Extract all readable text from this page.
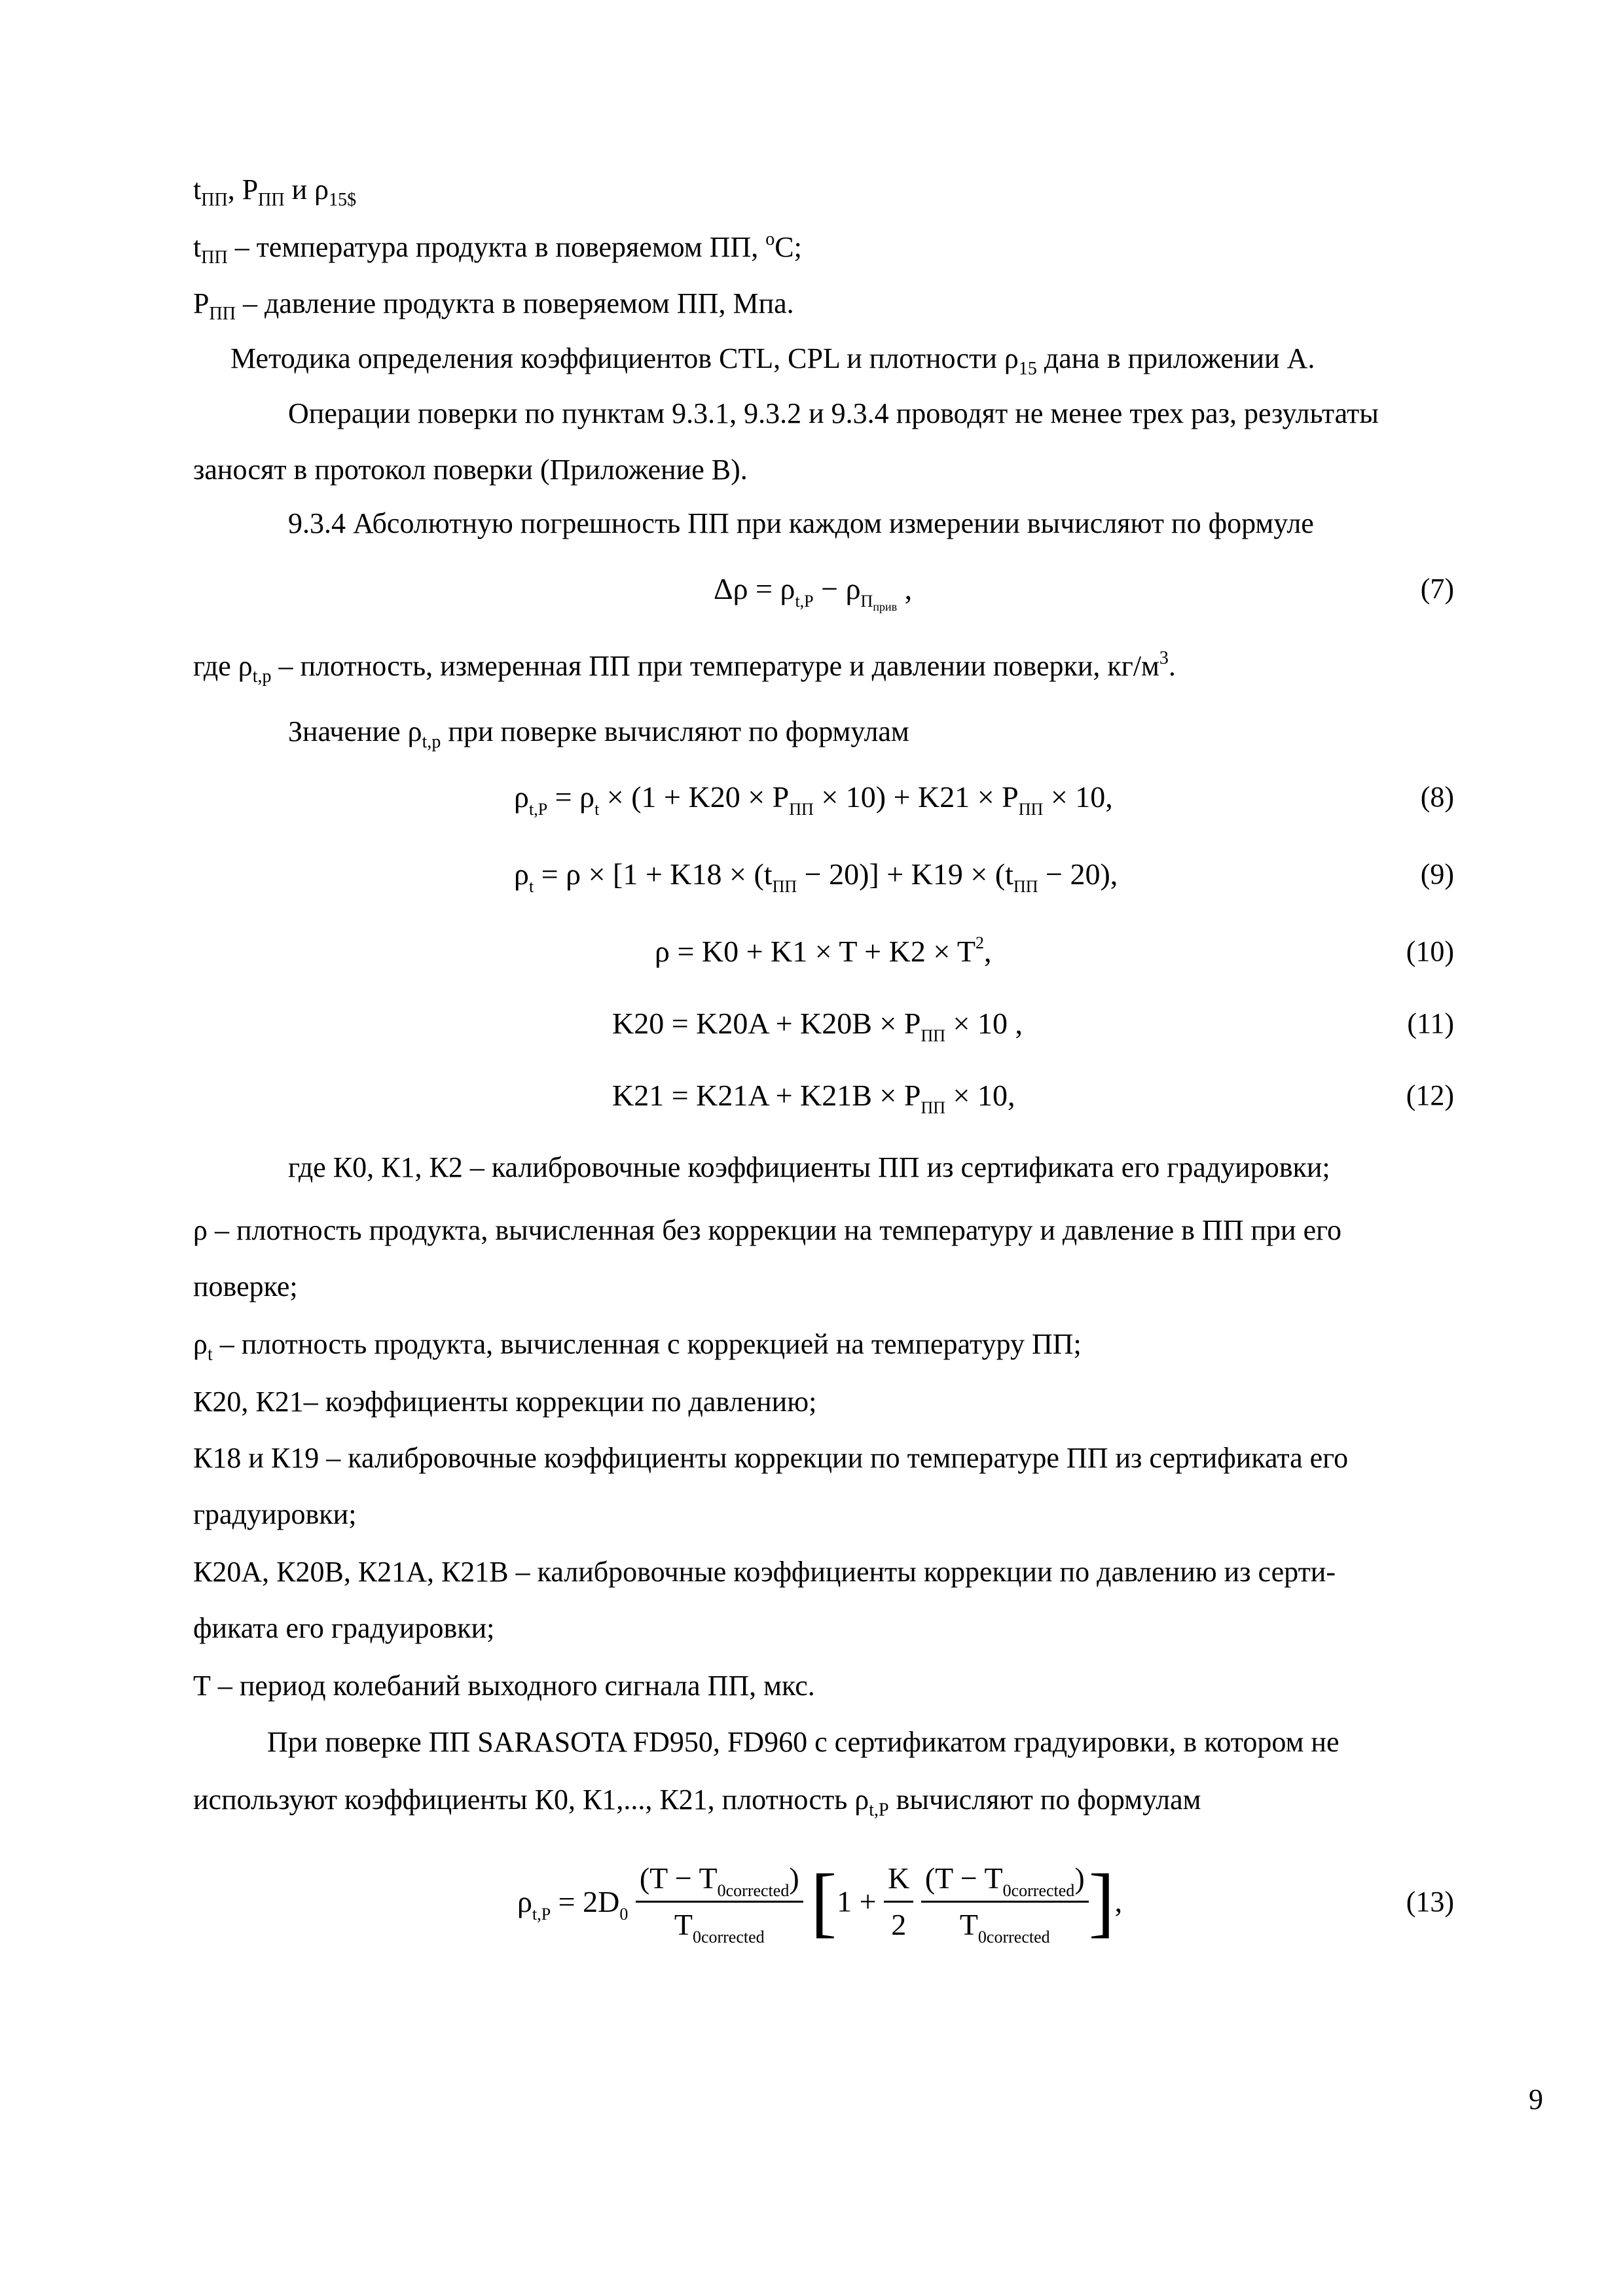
$t_{ПП}$, $P_{ПП}$ и $\rho_{15\$}$
$t_{ПП}$ – температура продукта в поверяемом ПП, $^о$С;
$P_{ПП}$ – давление продукта в поверяемом ПП, Мпа.
Методика определения коэффициентов CTL, CPL и плотности $\rho_{15}$ дана в приложении А.
Операции поверки по пунктам 9.3.1, 9.3.2 и 9.3.4 проводят не менее трех раз, результаты
заносят в протокол поверки (Приложение В).
9.3.4 Абсолютную погрешность ПП при каждом измерении вычисляют по формуле
$\Delta\rho = \rho_{t,P} - \rho_{П_{прив}}$ ,	(7)
где $\rho_{t,p}$ – плотность, измеренная ПП при температуре и давлении поверки, $кг/м^3$.
Значение $\rho_{t,p}$ при поверке вычисляют по формулам
$\rho_{t,P} = \rho_t \times (1 + K20 \times P_{ПП} \times 10) + K21 \times P_{ПП} \times 10$,	(8)
$\rho_t = \rho \times [1 + K18 \times (t_{ПП} - 20)] + K19 \times (t_{ПП} - 20)$,	(9)
$\rho = K0 + K1 \times T + K2 \times T^2$,	(10)
$K20 = K20A + K20B \times P_{ПП} \times 10$ ,	(11)
$K21 = K21A + K21B \times P_{ПП} \times 10$,	(12)
где К0, К1, К2 – калибровочные коэффициенты ПП из сертификата его градуировки;
ρ – плотность продукта, вычисленная без коррекции на температуру и давление в ПП при его
поверке;
$\rho_t$ – плотность продукта, вычисленная с коррекцией на температуру ПП;
К20, К21– коэффициенты коррекции по давлению;
К18 и К19 – калибровочные коэффициенты коррекции по температуре ПП из сертификата его
градуировки;
К20А, К20В, К21А, К21В – калибровочные коэффициенты коррекции по давлению из серти-
фиката его градуировки;
Т – период колебаний выходного сигнала ПП, мкс.
При поверке ПП SARASOTA FD950, FD960 с сертификатом градуировки, в котором не
используют коэффициенты К0, К1,..., К21, плотность $\rho_{t,P}$ вычисляют по формулам
$\rho_{t,P} = 2D_0 \frac{(T - T_{0corrected})}{T_{0corrected}} [1 + \frac{K}{2}$
$\frac{(T - T_{0corrected})}{T_{0corrected}}$ ],	(13)
9
